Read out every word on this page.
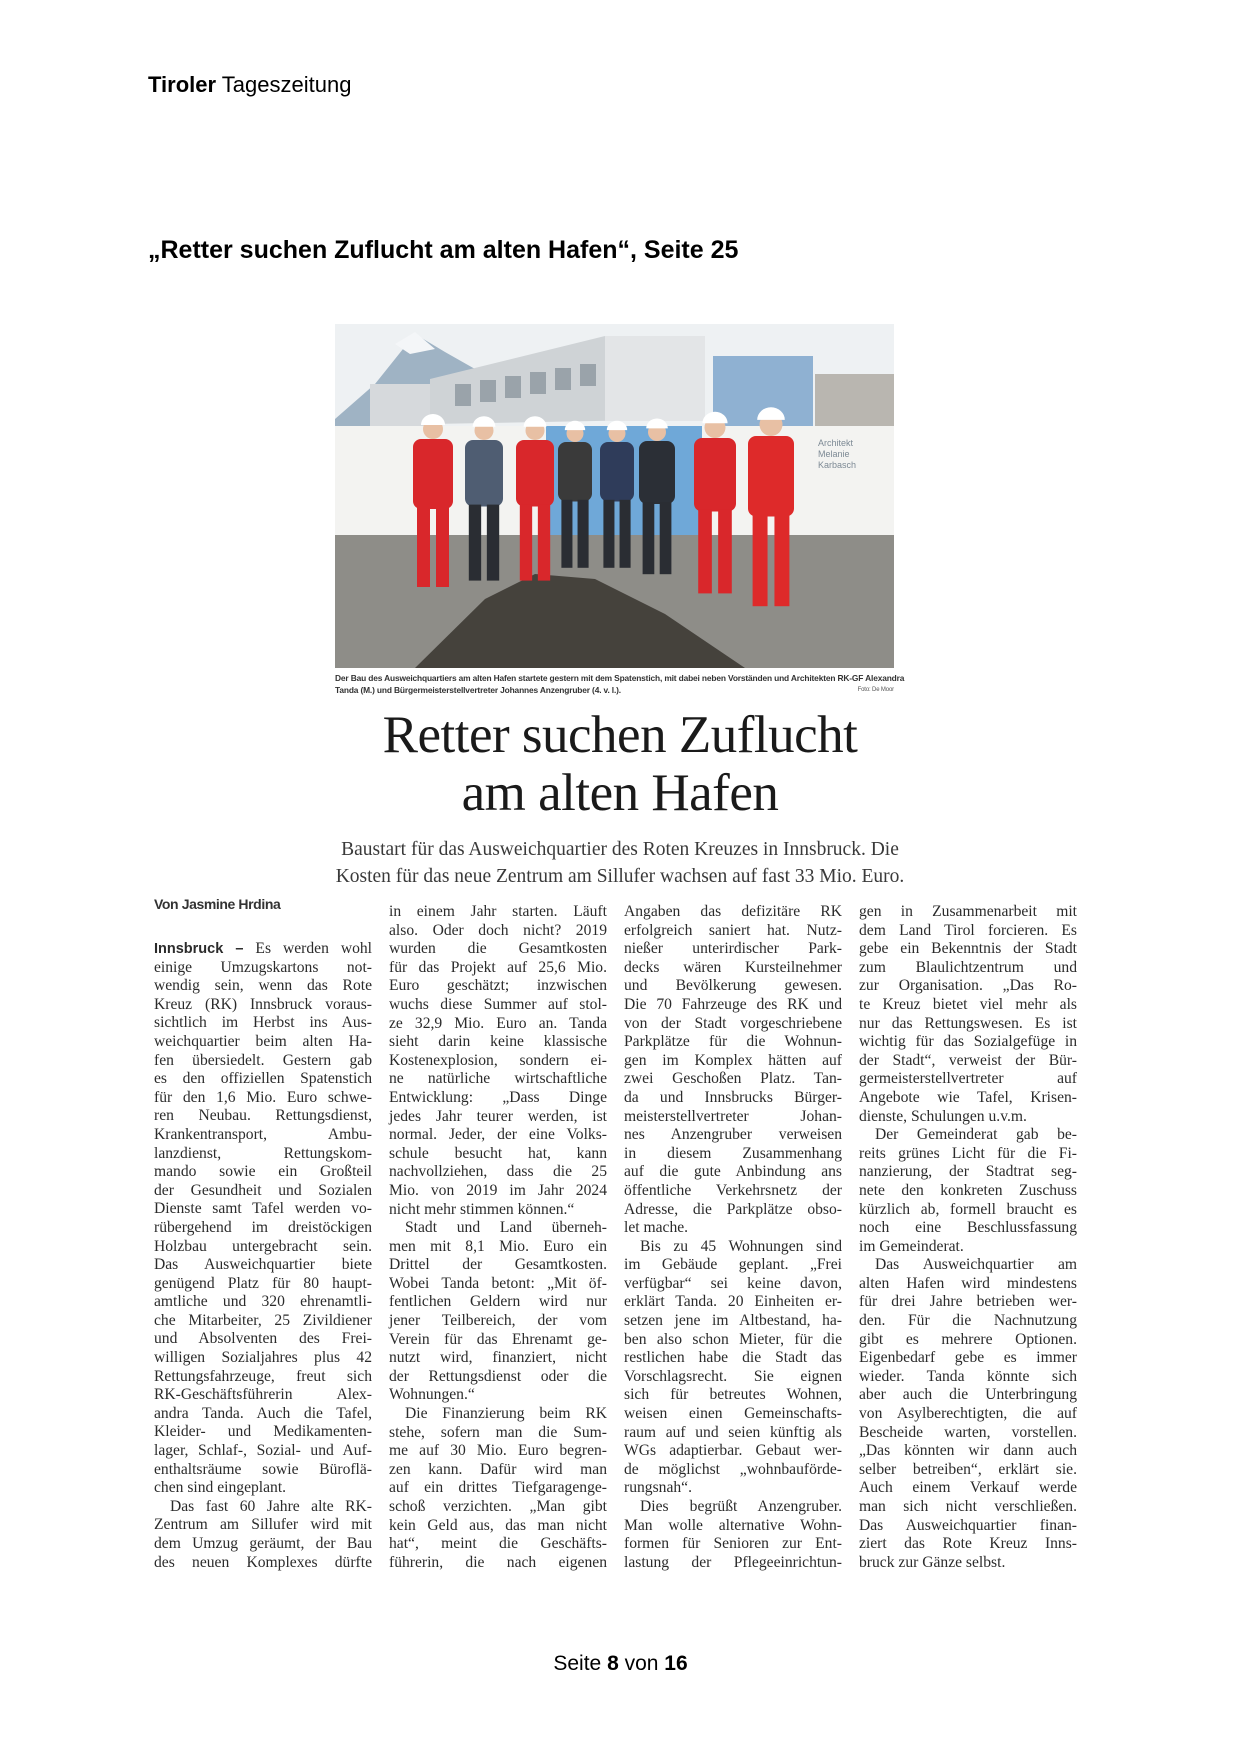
Tiroler Tageszeitung
„Retter suchen Zuflucht am alten Hafen“, Seite 25
Architekt
Melanie
Karbasch
Der Bau des Ausweichquartiers am alten Hafen startete gestern mit dem Spatenstich, mit dabei neben Vorständen und Architekten RK-GF Alexandra
Tanda (M.) und Bürgermeisterstellvertreter Johannes Anzengruber (4. v. l.).	Foto: De Moor
Retter suchen Zuflucht
am alten Hafen
Baustart für das Ausweichquartier des Roten Kreuzes in Innsbruck. Die
Kosten für das neue Zentrum am Sillufer wachsen auf fast 33 Mio. Euro.
Von Jasmine Hrdina
Innsbruck – Es werden wohl
einige Umzugskartons not-
wendig sein, wenn das Rote
Kreuz (RK) Innsbruck voraus-
sichtlich im Herbst ins Aus-
weichquartier beim alten Ha-
fen übersiedelt. Gestern gab
es den offiziellen Spatenstich
für den 1,6 Mio. Euro schwe-
ren Neubau. Rettungsdienst,
Krankentransport, Ambu-
lanzdienst, Rettungskom-
mando sowie ein Großteil
der Gesundheit und Sozialen
Dienste samt Tafel werden vo-
rübergehend im dreistöckigen
Holzbau untergebracht sein.
Das Ausweichquartier biete
genügend Platz für 80 haupt-
amtliche und 320 ehrenamtli-
che Mitarbeiter, 25 Zivildiener
und Absolventen des Frei-
willigen Sozialjahres plus 42
Rettungsfahrzeuge, freut sich
RK-Geschäftsführerin Alex-
andra Tanda. Auch die Tafel,
Kleider- und Medikamenten-
lager, Schlaf-, Sozial- und Auf-
enthaltsräume sowie Büroflä-
chen sind eingeplant.
Das fast 60 Jahre alte RK-
Zentrum am Sillufer wird mit
dem Umzug geräumt, der Bau
des neuen Komplexes dürfte
in einem Jahr starten. Läuft
also. Oder doch nicht? 2019
wurden die Gesamtkosten
für das Projekt auf 25,6 Mio.
Euro geschätzt; inzwischen
wuchs diese Summer auf stol-
ze 32,9 Mio. Euro an. Tanda
sieht darin keine klassische
Kostenexplosion, sondern ei-
ne natürliche wirtschaftliche
Entwicklung: „Dass Dinge
jedes Jahr teurer werden, ist
normal. Jeder, der eine Volks-
schule besucht hat, kann
nachvollziehen, dass die 25
Mio. von 2019 im Jahr 2024
nicht mehr stimmen können.“
Stadt und Land überneh-
men mit 8,1 Mio. Euro ein
Drittel der Gesamtkosten.
Wobei Tanda betont: „Mit öf-
fentlichen Geldern wird nur
jener Teilbereich, der vom
Verein für das Ehrenamt ge-
nutzt wird, finanziert, nicht
der Rettungsdienst oder die
Wohnungen.“
Die Finanzierung beim RK
stehe, sofern man die Sum-
me auf 30 Mio. Euro begren-
zen kann. Dafür wird man
auf ein drittes Tiefgaragenge-
schoß verzichten. „Man gibt
kein Geld aus, das man nicht
hat“, meint die Geschäfts-
führerin, die nach eigenen
Angaben das defizitäre RK
erfolgreich saniert hat. Nutz-
nießer unterirdischer Park-
decks wären Kursteilnehmer
und Bevölkerung gewesen.
Die 70 Fahrzeuge des RK und
von der Stadt vorgeschriebene
Parkplätze für die Wohnun-
gen im Komplex hätten auf
zwei Geschoßen Platz. Tan-
da und Innsbrucks Bürger-
meisterstellvertreter Johan-
nes Anzengruber verweisen
in diesem Zusammenhang
auf die gute Anbindung ans
öffentliche Verkehrsnetz der
Adresse, die Parkplätze obso-
let mache.
Bis zu 45 Wohnungen sind
im Gebäude geplant. „Frei
verfügbar“ sei keine davon,
erklärt Tanda. 20 Einheiten er-
setzen jene im Altbestand, ha-
ben also schon Mieter, für die
restlichen habe die Stadt das
Vorschlagsrecht. Sie eignen
sich für betreutes Wohnen,
weisen einen Gemeinschafts-
raum auf und seien künftig als
WGs adaptierbar. Gebaut wer-
de möglichst „wohnbauförde-
rungsnah“.
Dies begrüßt Anzengruber.
Man wolle alternative Wohn-
formen für Senioren zur Ent-
lastung der Pflegeeinrichtun-
gen in Zusammenarbeit mit
dem Land Tirol forcieren. Es
gebe ein Bekenntnis der Stadt
zum Blaulichtzentrum und
zur Organisation. „Das Ro-
te Kreuz bietet viel mehr als
nur das Rettungswesen. Es ist
wichtig für das Sozialgefüge in
der Stadt“, verweist der Bür-
germeisterstellvertreter auf
Angebote wie Tafel, Krisen-
dienste, Schulungen u.v.m.
Der Gemeinderat gab be-
reits grünes Licht für die Fi-
nanzierung, der Stadtrat seg-
nete den konkreten Zuschuss
kürzlich ab, formell braucht es
noch eine Beschlussfassung
im Gemeinderat.
Das Ausweichquartier am
alten Hafen wird mindestens
für drei Jahre betrieben wer-
den. Für die Nachnutzung
gibt es mehrere Optionen.
Eigenbedarf gebe es immer
wieder. Tanda könnte sich
aber auch die Unterbringung
von Asylberechtigten, die auf
Bescheide warten, vorstellen.
„Das könnten wir dann auch
selber betreiben“, erklärt sie.
Auch einem Verkauf werde
man sich nicht verschließen.
Das Ausweichquartier finan-
ziert das Rote Kreuz Inns-
bruck zur Gänze selbst.
Seite 8 von 16
